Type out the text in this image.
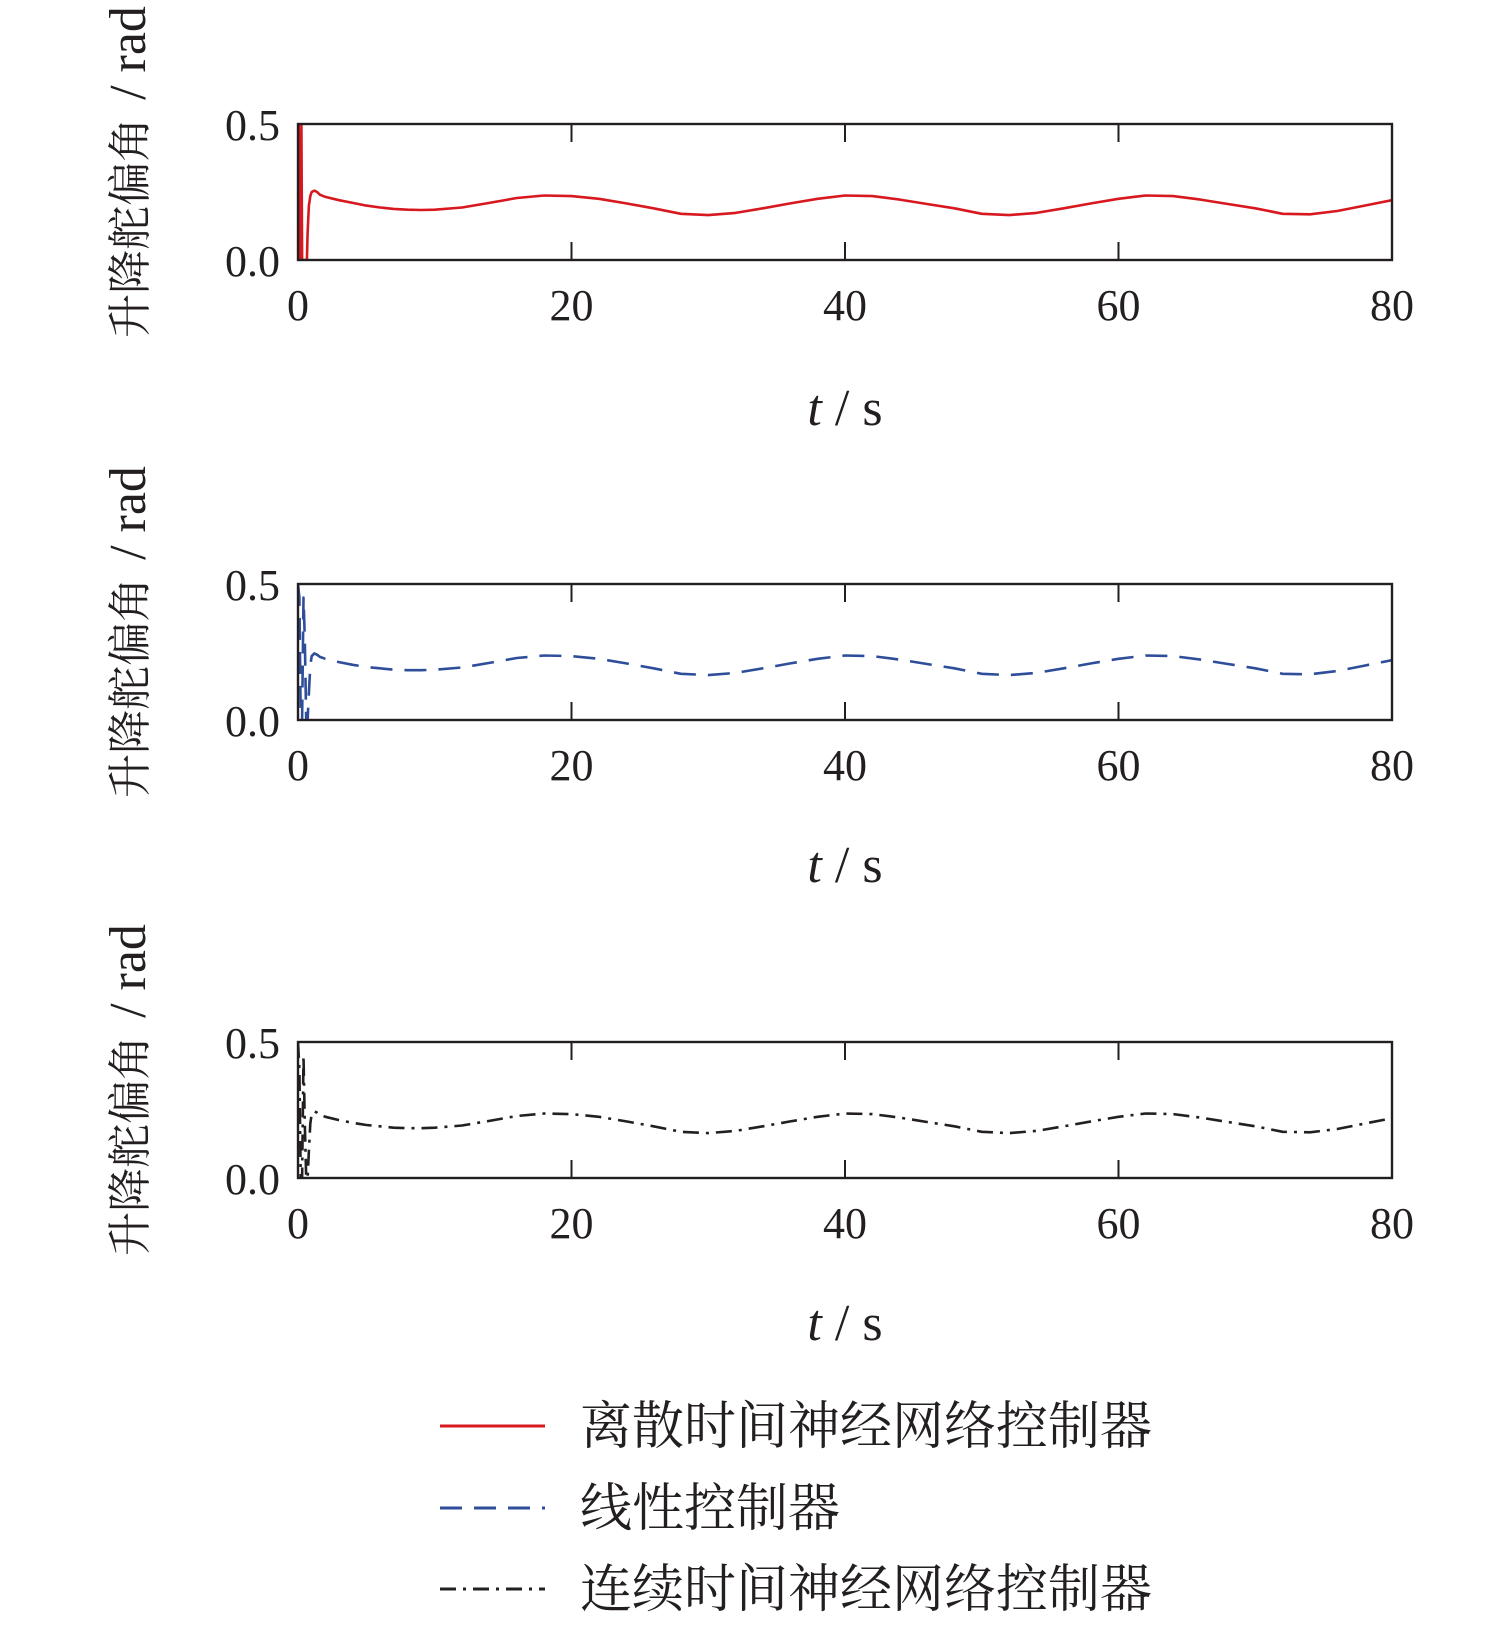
0	20	40	60	80
0.0
0.5
t / s
升降舵偏角/ rad
0	20	40	60	80
0.0
0.5
t / s
升降舵偏角/ rad
0	20	40	60	80
0.0
0.5
t / s
升降舵偏角/ rad
离散时间神经网络控制器
线性控制器
连续时间神经网络控制器
